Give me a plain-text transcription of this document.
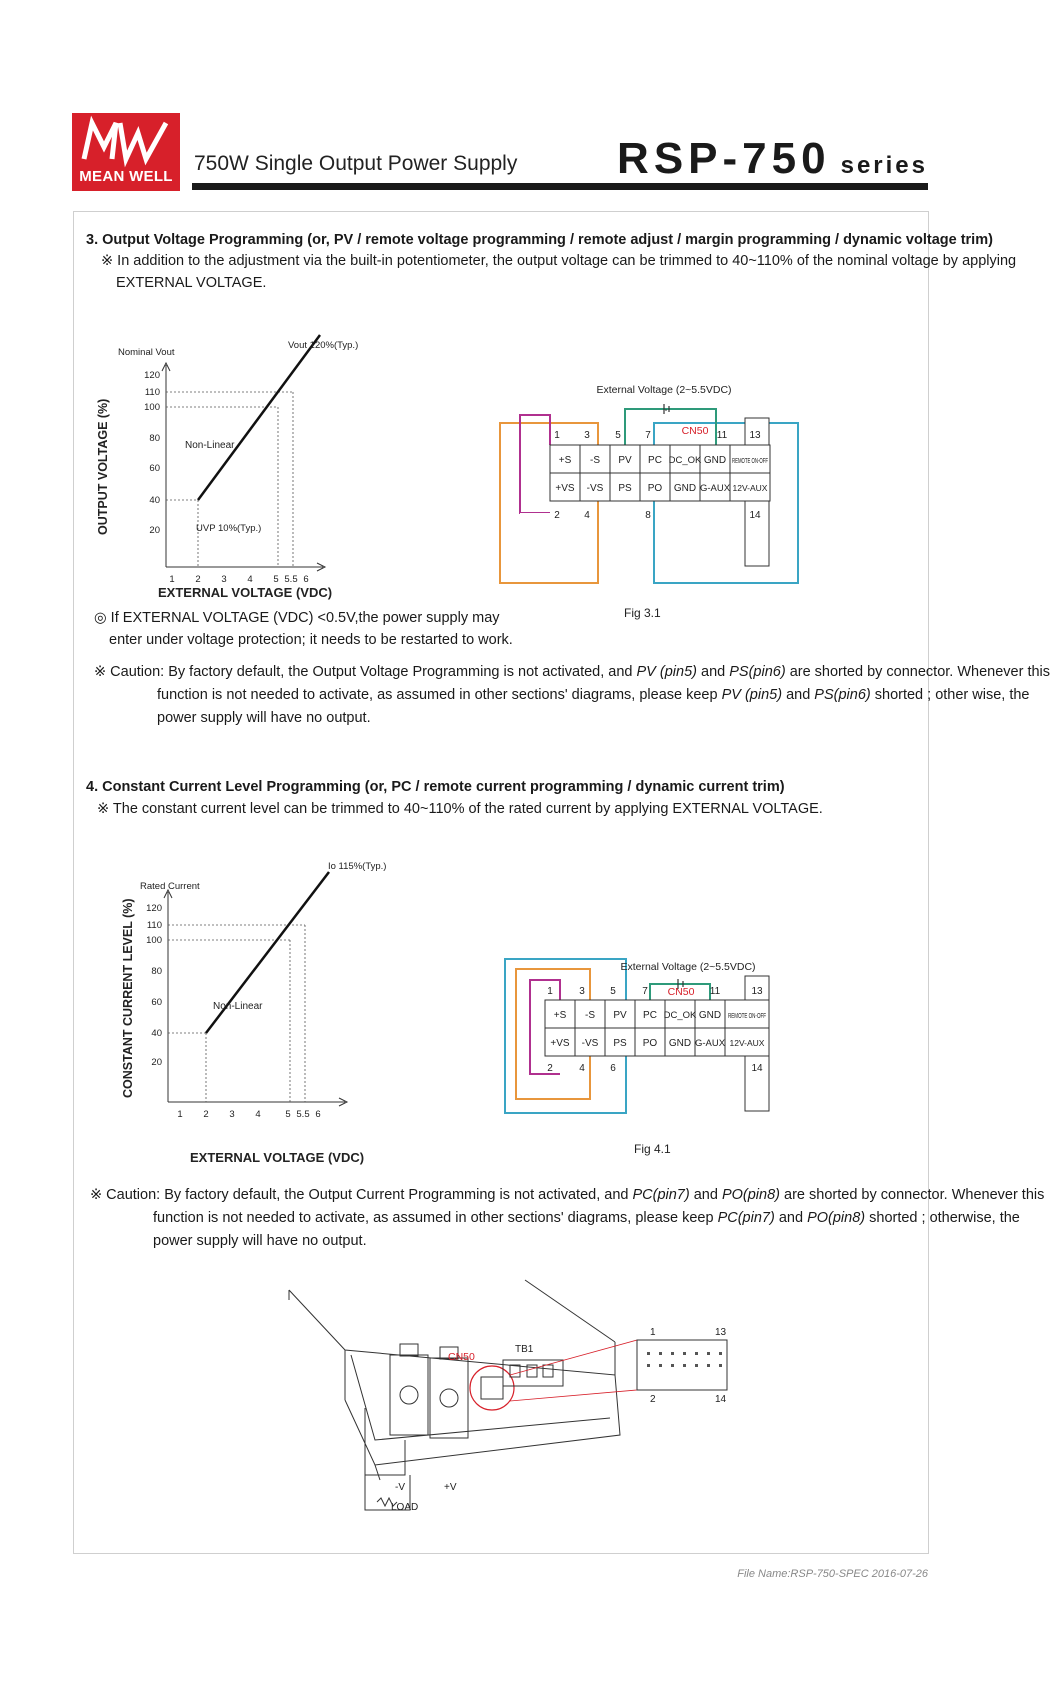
MEAN WELL
750W Single Output Power Supply RSP-750 series
3. Output Voltage Programming (or, PV / remote voltage programming / remote adjust / margin programming / dynamic voltage trim)
※ In addition to the adjustment via the built-in potentiometer, the output voltage can be trimmed to 40~110% of the nominal voltage by applying
EXTERNAL VOLTAGE.
120
110
100
80
60
40
20
1 2 3 4 5 5.5 6
Nominal Vout
Vout 120%(Typ.)
Non-Linear
UVP 10%(Typ.)
EXTERNAL VOLTAGE (VDC)
OUTPUT VOLTAGE (%)	+S -S PV PC DC_OK GND REMOTE ON-OFF
+VS -VS PS PO GND G-AUX 12V-AUX
1 3	5 7	11 13
2 4	8	14
CN50
External Voltage (2~5.5VDC)
Fig 3.1
◎ If EXTERNAL VOLTAGE (VDC) <0.5V,the power supply may
enter under voltage protection; it needs to be restarted to work.
※ Caution: By factory default, the Output Voltage Programming is not activated, and PV (pin5) and PS(pin6) are shorted by connector. Whenever this
function is not needed to activate, as assumed in other sections' diagrams, please keep PV (pin5) and PS(pin6) shorted ; other wise, the
power supply will have no output.
4. Constant Current Level Programming (or, PC / remote current programming / dynamic current trim)
※ The constant current level can be trimmed to 40~110% of the rated current by applying EXTERNAL VOLTAGE.
120
110
100
80
60
40
20
1 2 3 4	5 5.5 6
Rated Current
Io 115%(Typ.)
Non-Linear
EXTERNAL VOLTAGE (VDC)
CONSTANT CURRENT LEVEL (%)	+S -S PV PC DC_OK GND REMOTE ON-OFF
+VS -VS PS PO GND G-AUX 12V-AUX
1	3	5	7	11	13
2	4	6	14
CN50
External Voltage (2~5.5VDC)
Fig 4.1
※ Caution: By factory default, the Output Current Programming is not activated, and PC(pin7) and PO(pin8) are shorted by connector. Whenever this
function is not needed to activate, as assumed in other sections' diagrams, please keep PC(pin7) and PO(pin8) shorted ; otherwise, the
power supply will have no output.
CN50
TB1
-V	+V
LOAD
1	13
2	14
File Name:RSP-750-SPEC 2016-07-26
